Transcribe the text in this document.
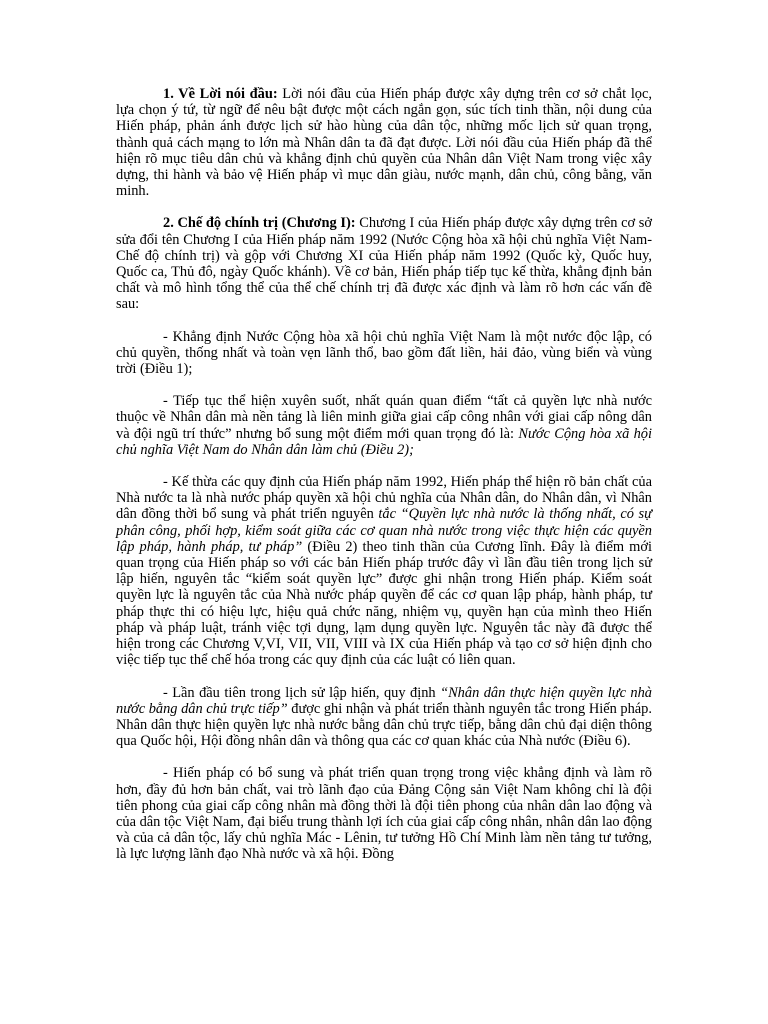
1. Về Lời nói đầu: Lời nói đầu của Hiến pháp được xây dựng trên cơ sở chắt lọc, lựa chọn ý tứ, từ ngữ để nêu bật được một cách ngắn gọn, súc tích tinh thần, nội dung của Hiến pháp, phản ánh được lịch sử hào hùng của dân tộc, những mốc lịch sử quan trọng, thành quả cách mạng to lớn mà Nhân dân ta đã đạt được. Lời nói đầu của Hiến pháp đã thể hiện rõ mục tiêu dân chủ và khẳng định chủ quyền của Nhân dân Việt Nam trong việc xây dựng, thi hành và bảo vệ Hiến pháp vì mục dân giàu, nước mạnh, dân chủ, công bằng, văn minh.

2. Chế độ chính trị (Chương I): Chương I của Hiến pháp được xây dựng trên cơ sở sửa đổi tên Chương I của Hiến pháp năm 1992 (Nước Cộng hòa xã hội chủ nghĩa Việt Nam- Chế độ chính trị) và gộp với Chương XI của Hiến pháp năm 1992 (Quốc kỳ, Quốc huy, Quốc ca, Thủ đô, ngày Quốc khánh). Về cơ bản, Hiến pháp tiếp tục kế thừa, khẳng định bản chất và mô hình tổng thể của thể chế chính trị đã được xác định và làm rõ hơn các vấn đề sau:

- Khẳng định Nước Cộng hòa xã hội chủ nghĩa Việt Nam là một nước độc lập, có chủ quyền, thống nhất và toàn vẹn lãnh thổ, bao gồm đất liền, hải đảo, vùng biển và vùng trời (Điều 1);

- Tiếp tục thể hiện xuyên suốt, nhất quán quan điểm “tất cả quyền lực nhà nước thuộc về Nhân dân mà nền tảng là liên minh giữa giai cấp công nhân với giai cấp nông dân và đội ngũ trí thức” nhưng bổ sung một điểm mới quan trọng đó là: Nước Cộng hòa xã hội chủ nghĩa Việt Nam do Nhân dân làm chủ (Điều 2);

- Kế thừa các quy định của Hiến pháp năm 1992, Hiến pháp thể hiện rõ bản chất của Nhà nước ta là nhà nước pháp quyền xã hội chủ nghĩa của Nhân dân, do Nhân dân, vì Nhân dân đồng thời bổ sung và phát triển nguyên tắc “Quyền lực nhà nước là thống nhất, có sự phân công, phối hợp, kiểm soát giữa các cơ quan nhà nước trong việc thực hiện các quyền lập pháp, hành pháp, tư pháp” (Điều 2) theo tinh thần của Cương lĩnh. Đây là điểm mới quan trọng của Hiến pháp so với các bản Hiến pháp trước đây vì lần đầu tiên trong lịch sử lập hiến, nguyên tắc “kiểm soát quyền lực” được ghi nhận trong Hiến pháp. Kiểm soát quyền lực là nguyên tắc của Nhà nước pháp quyền để các cơ quan lập pháp, hành pháp, tư pháp thực thi có hiệu lực, hiệu quả chức năng, nhiệm vụ, quyền hạn của mình theo Hiến pháp và pháp luật, tránh việc tợi dụng, lạm dụng quyền lực. Nguyên tắc này đã được thể hiện trong các Chương V,VI, VII, VII, VIII và IX của Hiến pháp và tạo cơ sở hiện định cho việc tiếp tục thể chế hóa trong các quy định của các luật có liên quan.

- Lần đầu tiên trong lịch sử lập hiến, quy định “Nhân dân thực hiện quyền lực nhà nước bằng dân chủ trực tiếp” được ghi nhận và phát triển thành nguyên tắc trong Hiến pháp. Nhân dân thực hiện quyền lực nhà nước bằng dân chủ trực tiếp, bằng dân chủ đại diện thông qua Quốc hội, Hội đồng nhân dân và thông qua các cơ quan khác của Nhà nước (Điều 6).

- Hiến pháp có bổ sung và phát triển quan trọng trong việc khẳng định và làm rõ hơn, đầy đủ hơn bản chất, vai trò lãnh đạo của Đảng Cộng sản Việt Nam không chỉ là đội tiên phong của giai cấp công nhân mà đồng thời là đội tiên phong của nhân dân lao động và của dân tộc Việt Nam, đại biểu trung thành lợi ích của giai cấp công nhân, nhân dân lao động và của cả dân tộc, lấy chủ nghĩa Mác - Lênin, tư tưởng Hồ Chí Minh làm nền tảng tư tưởng, là lực lượng lãnh đạo Nhà nước và xã hội. Đồng
